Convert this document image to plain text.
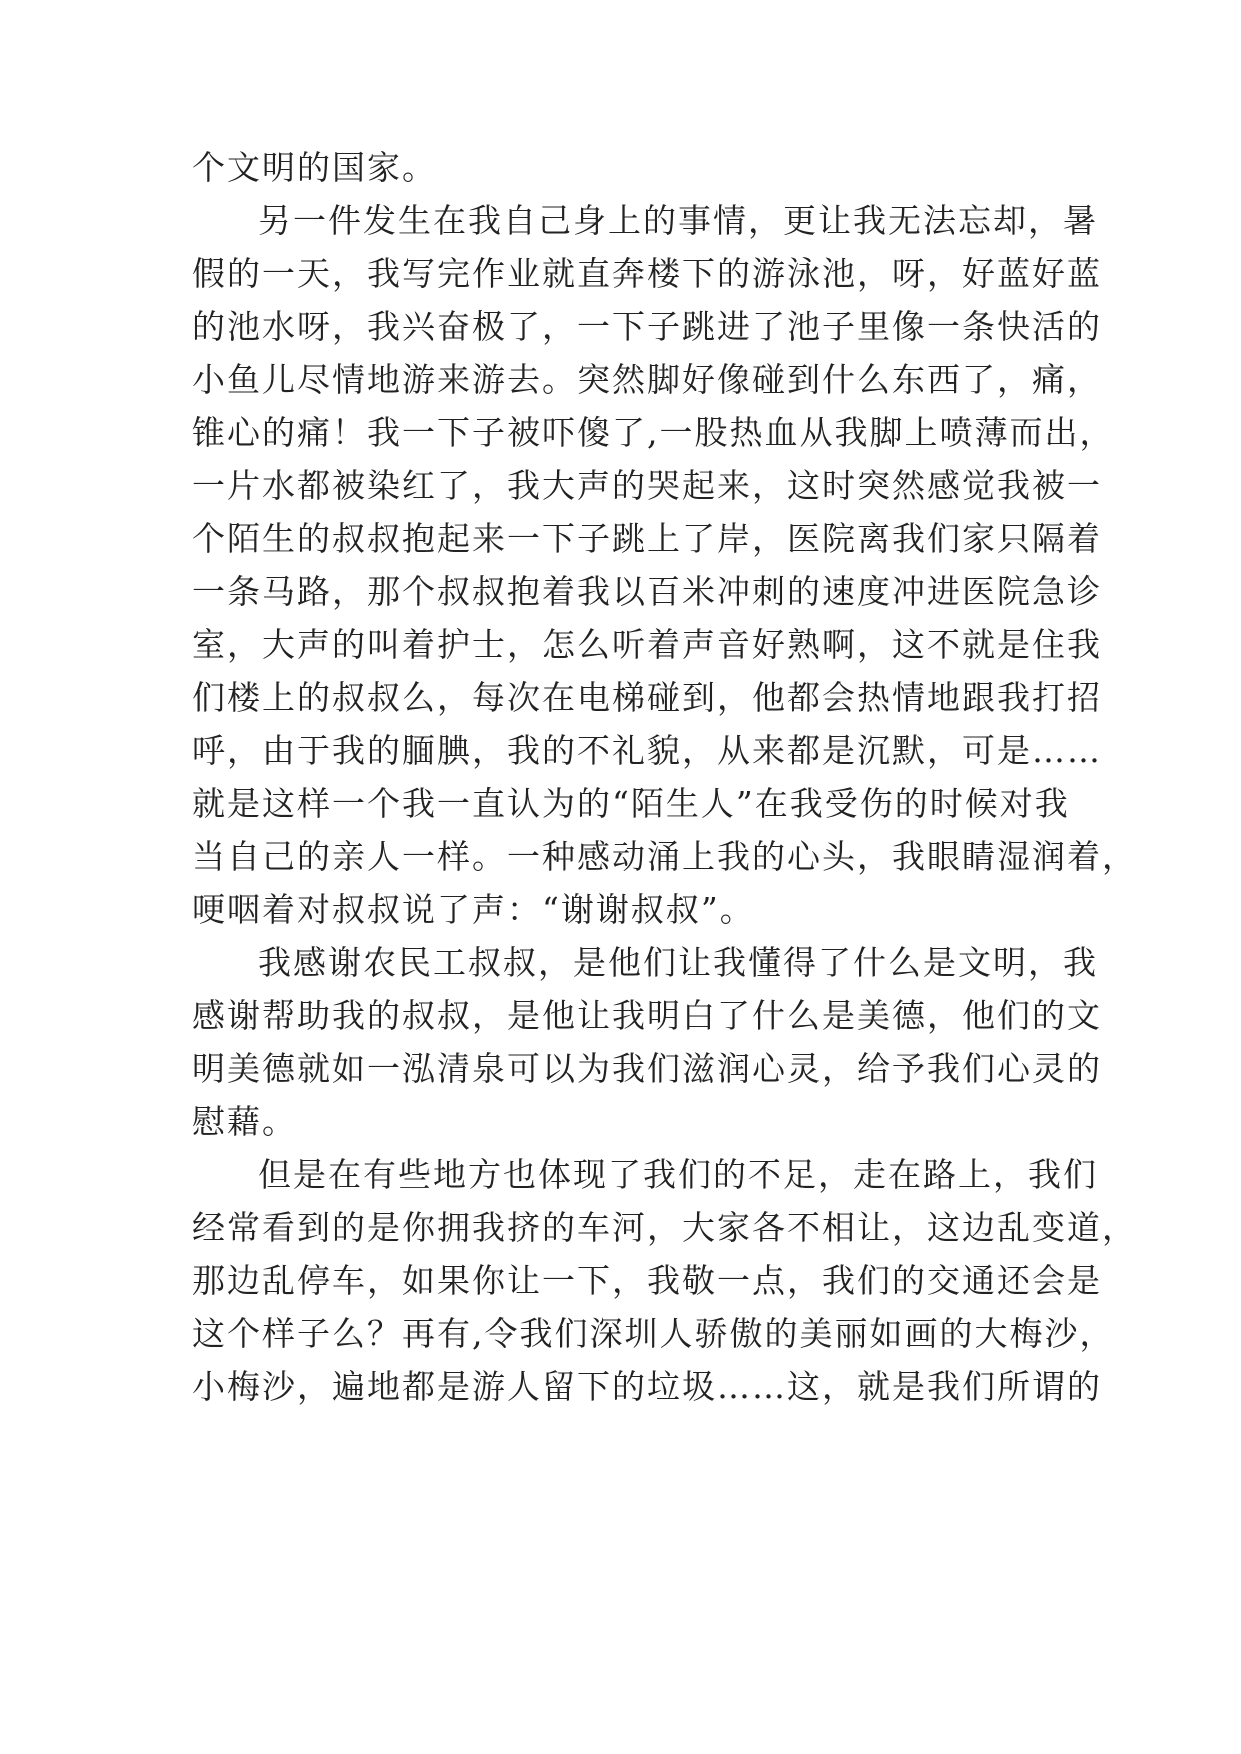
个文明的国家。

另一件发生在我自己身上的事情，更让我无法忘却，暑

假的一天，我写完作业就直奔楼下的游泳池，呀，好蓝好蓝

的池水呀，我兴奋极了，一下子跳进了池子里像一条快活的

小鱼儿尽情地游来游去。突然脚好像碰到什么东西了，痛，

锥心的痛！我一下子被吓傻了,一股热血从我脚上喷薄而出，

一片水都被染红了，我大声的哭起来，这时突然感觉我被一

个陌生的叔叔抱起来一下子跳上了岸，医院离我们家只隔着

一条马路，那个叔叔抱着我以百米冲刺的速度冲进医院急诊

室，大声的叫着护士，怎么听着声音好熟啊，这不就是住我

们楼上的叔叔么，每次在电梯碰到，他都会热情地跟我打招

呼，由于我的腼腆，我的不礼貌，从来都是沉默，可是……

就是这样一个我一直认为的“陌生人”在我受伤的时候对我

当自己的亲人一样。一种感动涌上我的心头，我眼睛湿润着，

哽咽着对叔叔说了声：“谢谢叔叔”。

我感谢农民工叔叔，是他们让我懂得了什么是文明，我

感谢帮助我的叔叔，是他让我明白了什么是美德，他们的文

明美德就如一泓清泉可以为我们滋润心灵，给予我们心灵的

慰藉。

但是在有些地方也体现了我们的不足，走在路上，我们

经常看到的是你拥我挤的车河，大家各不相让，这边乱变道，

那边乱停车，如果你让一下，我敬一点，我们的交通还会是

这个样子么？再有,令我们深圳人骄傲的美丽如画的大梅沙，

小梅沙，遍地都是游人留下的垃圾……这，就是我们所谓的
